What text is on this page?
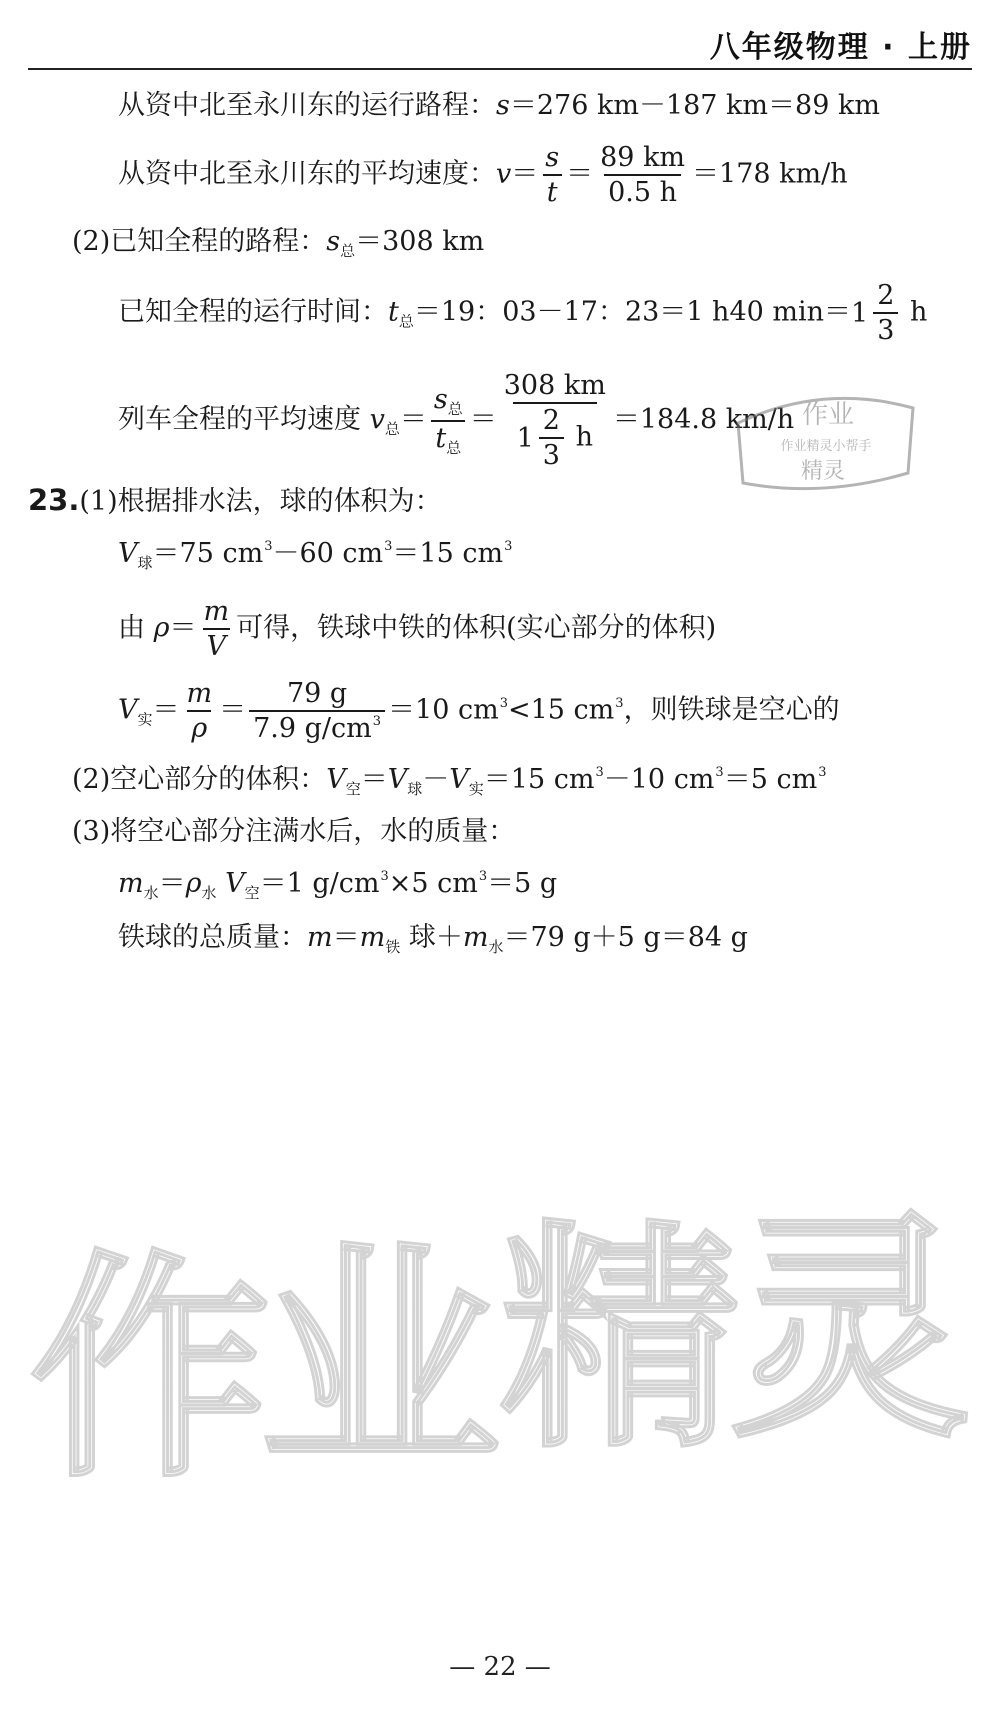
八年级物理 · 上册
从资中北至永川东的运行路程：s＝276 km－187 km＝89 km
从资中北至永川东的平均速度：$v= \frac{s}{t} = \frac{89 km}{0.5 h} =178$ km/h
(2)已知全程的路程：$s_总=308$ km
已知全程的运行时间：$t_总=19$：03－17：23＝1 h40 $\min= 1 \frac{2}{3}$ h
列车全程的平均速度 $v_总= \frac{s_总}{t_总} = \frac{308 km}{1 \frac{2}{3} h} =184.8$ km/h 作业
作业精灵小帮手
精灵
23.(1)根据排水法，球的体积为：
$V_球=75$ $cm^3-60$ $cm^3=15$ $cm^3$
由 $\rho= \frac{m}{V}$ 可得，铁球中铁的体积(实心部分的体积)
$V_实= \frac{m}{\rho} = \frac{79 g}{7.9 g/cm^3} =10$ $cm^3<15$ $cm^3$，则铁球是空心的
(2)空心部分的体积：$V_空=V_球-V_实=15$ $cm^3-10$ $cm^3=5$ $cm^3$
(3)将空心部分注满水后，水的质量：
$m_水=\rho_水$ $V_空=1$ $g/cm^3\times 5$ $cm^3=5$ g
铁球的总质量：$m=m_铁$ 球$+m_水=79$ g＋5 g＝84 g
作
业 精
灵
— 22 —
